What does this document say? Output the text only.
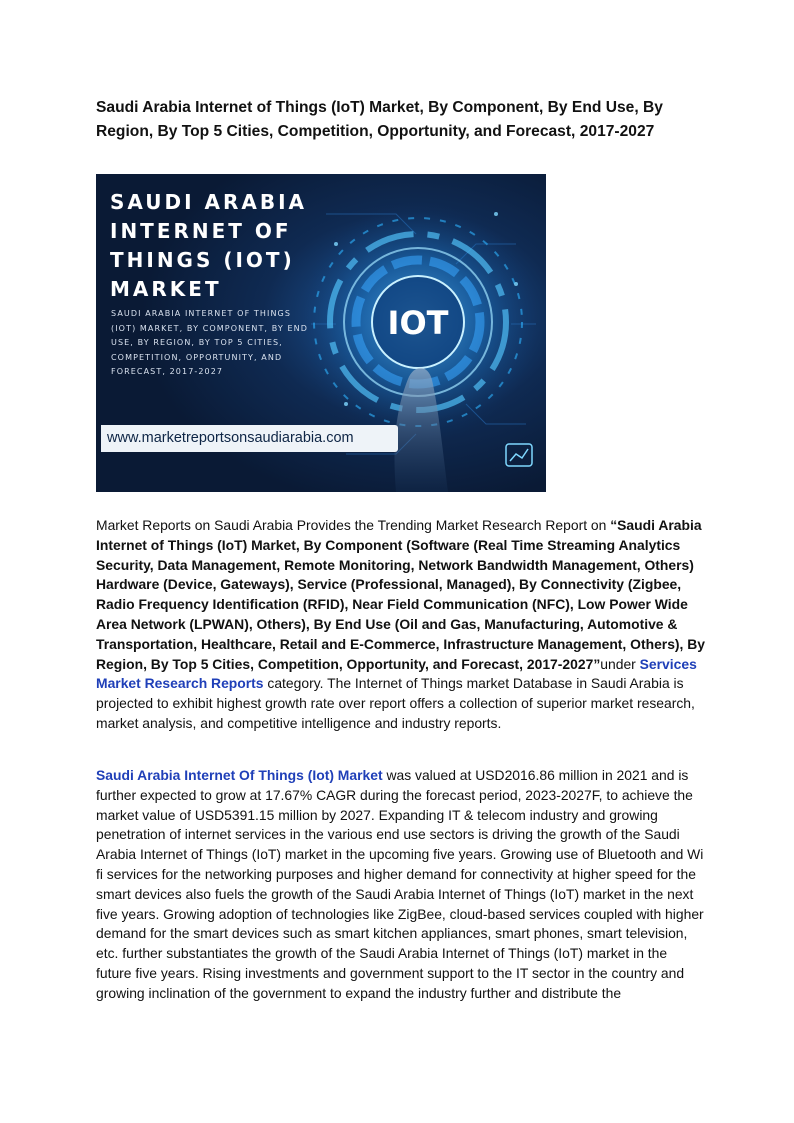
Saudi Arabia Internet of Things (IoT) Market, By Component, By End Use, By Region, By Top 5 Cities, Competition, Opportunity, and Forecast, 2017-2027
IOT
SAUDI ARABIA INTERNET OF THINGS (IOT) MARKET

SAUDI ARABIA INTERNET OF THINGS (IOT) MARKET, BY COMPONENT, BY END USE, BY REGION, BY TOP 5 CITIES, COMPETITION, OPPORTUNITY, AND FORECAST, 2017-2027

www.marketreportsonsaudiarabia.com

Market Reports on Saudi Arabia Provides the Trending Market Research Report on “Saudi Arabia Internet of Things (IoT) Market, By Component (Software (Real Time Streaming Analytics Security, Data Management, Remote Monitoring, Network Bandwidth Management, Others) Hardware (Device, Gateways), Service (Professional, Managed), By Connectivity (Zigbee, Radio Frequency Identification (RFID), Near Field Communication (NFC), Low Power Wide Area Network (LPWAN), Others), By End Use (Oil and Gas, Manufacturing, Automotive & Transportation, Healthcare, Retail and E-Commerce, Infrastructure Management, Others), By Region, By Top 5 Cities, Competition, Opportunity, and Forecast, 2017-2027”under Services Market Research Reports category. The Internet of Things market Database in Saudi Arabia is projected to exhibit highest growth rate over report offers a collection of superior market research, market analysis, and competitive intelligence and industry reports.

Saudi Arabia Internet Of Things (Iot) Market was valued at USD2016.86 million in 2021 and is further expected to grow at 17.67% CAGR during the forecast period, 2023-2027F, to achieve the market value of USD5391.15 million by 2027. Expanding IT & telecom industry and growing penetration of internet services in the various end use sectors is driving the growth of the Saudi Arabia Internet of Things (IoT) market in the upcoming five years. Growing use of Bluetooth and Wi fi services for the networking purposes and higher demand for connectivity at higher speed for the smart devices also fuels the growth of the Saudi Arabia Internet of Things (IoT) market in the next five years. Growing adoption of technologies like ZigBee, cloud-based services coupled with higher demand for the smart devices such as smart kitchen appliances, smart phones, smart television, etc. further substantiates the growth of the Saudi Arabia Internet of Things (IoT) market in the future five years. Rising investments and government support to the IT sector in the country and growing inclination of the government to expand the industry further and distribute the
